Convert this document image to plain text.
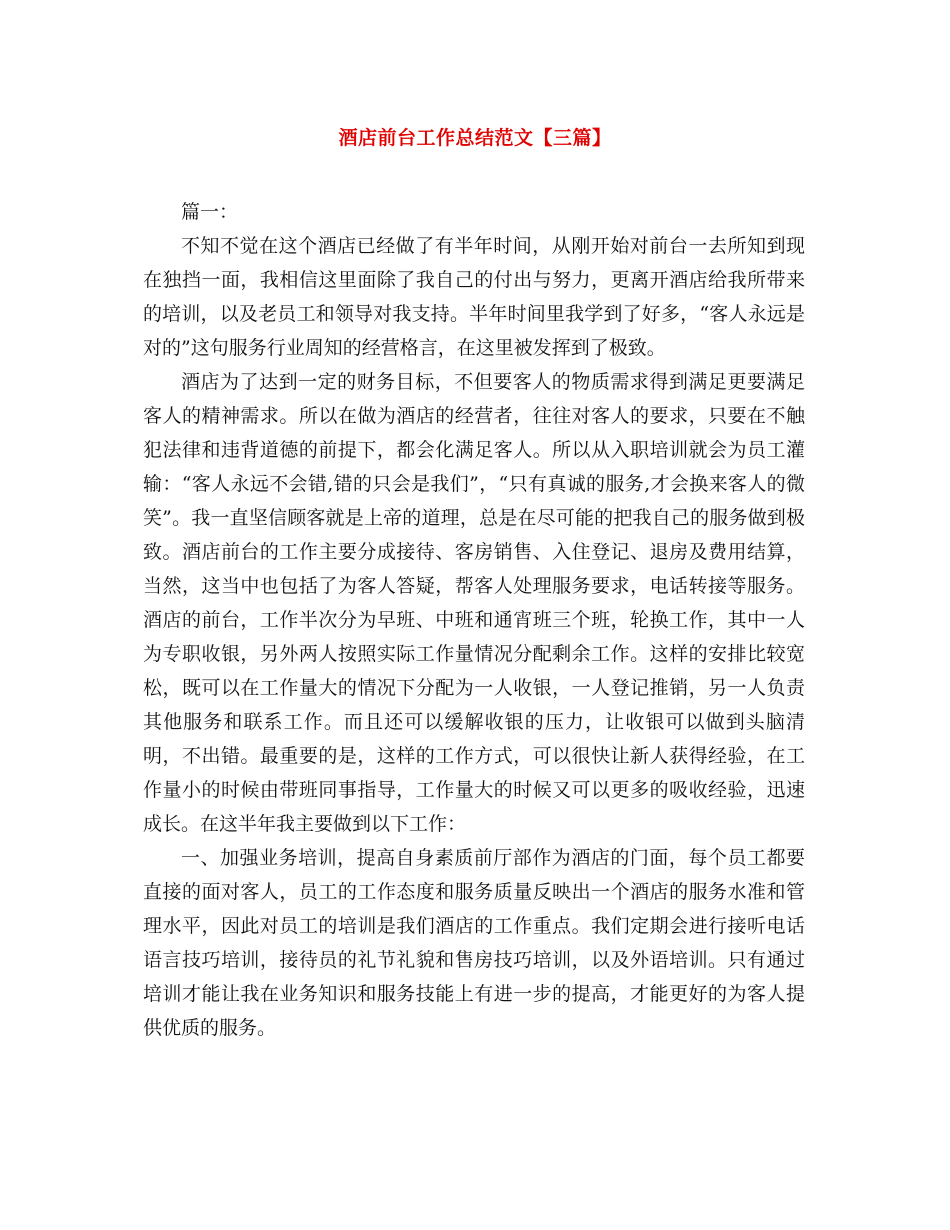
酒店前台工作总结范文【三篇】

篇一：

不知不觉在这个酒店已经做了有半年时间，从刚开始对前台一去所知到现在独挡一面，我相信这里面除了我自己的付出与努力，更离开酒店给我所带来的培训，以及老员工和领导对我支持。半年时间里我学到了好多，“客人永远是对的”这句服务行业周知的经营格言，在这里被发挥到了极致。

酒店为了达到一定的财务目标，不但要客人的物质需求得到满足更要满足客人的精神需求。所以在做为酒店的经营者，往往对客人的要求，只要在不触犯法律和违背道德的前提下，都会化满足客人。所以从入职培训就会为员工灌输：“客人永远不会错,错的只会是我们”，“只有真诚的服务,才会换来客人的微笑”。我一直坚信顾客就是上帝的道理，总是在尽可能的把我自己的服务做到极致。酒店前台的工作主要分成接待、客房销售、入住登记、退房及费用结算，当然，这当中也包括了为客人答疑，帮客人处理服务要求，电话转接等服务。酒店的前台，工作半次分为早班、中班和通宵班三个班，轮换工作，其中一人为专职收银，另外两人按照实际工作量情况分配剩余工作。这样的安排比较宽松，既可以在工作量大的情况下分配为一人收银，一人登记推销，另一人负责其他服务和联系工作。而且还可以缓解收银的压力，让收银可以做到头脑清明，不出错。最重要的是，这样的工作方式，可以很快让新人获得经验，在工作量小的时候由带班同事指导，工作量大的时候又可以更多的吸收经验，迅速成长。在这半年我主要做到以下工作：

一、加强业务培训，提高自身素质前厅部作为酒店的门面，每个员工都要直接的面对客人，员工的工作态度和服务质量反映出一个酒店的服务水准和管理水平，因此对员工的培训是我们酒店的工作重点。我们定期会进行接听电话语言技巧培训，接待员的礼节礼貌和售房技巧培训，以及外语培训。只有通过培训才能让我在业务知识和服务技能上有进一步的提高，才能更好的为客人提供优质的服务。
